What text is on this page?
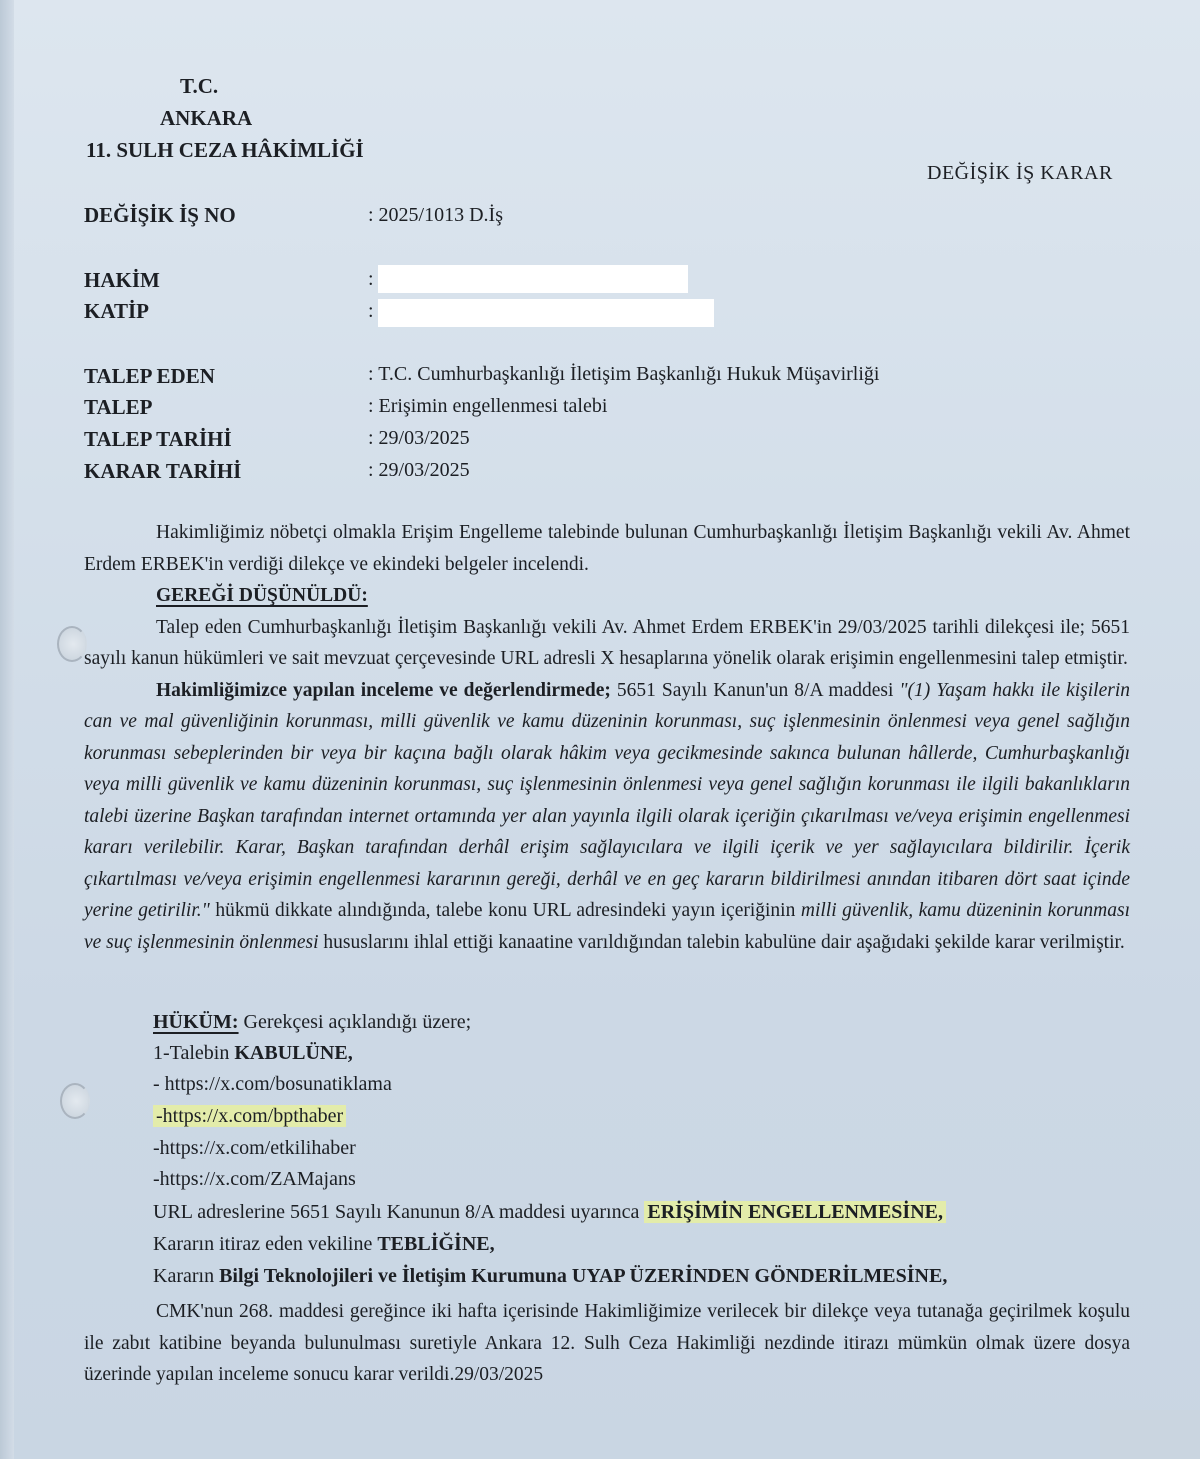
T.C.
ANKARA
11. SULH CEZA HÂKİMLİĞİ
DEĞİŞİK İŞ KARAR
DEĞİŞİK İŞ NO	: 2025/1013 D.İş
HAKİM	:
KATİP	:
TALEP EDEN	: T.C. Cumhurbaşkanlığı İletişim Başkanlığı Hukuk Müşavirliği
TALEP	: Erişimin engellenmesi talebi
TALEP TARİHİ	: 29/03/2025
KARAR TARİHİ	: 29/03/2025

Hakimliğimiz nöbetçi olmakla Erişim Engelleme talebinde bulunan Cumhurbaşkanlığı İletişim Başkanlığı vekili Av. Ahmet Erdem ERBEK'in verdiği dilekçe ve ekindeki belgeler incelendi.

GEREĞİ DÜŞÜNÜLDÜ:

Talep eden Cumhurbaşkanlığı İletişim Başkanlığı vekili Av. Ahmet Erdem ERBEK'in 29/03/2025 tarihli dilekçesi ile; 5651 sayılı kanun hükümleri ve sait mevzuat çerçevesinde URL adresli X hesaplarına yönelik olarak erişimin engellenmesini talep etmiştir.

Hakimliğimizce yapılan inceleme ve değerlendirmede; 5651 Sayılı Kanun'un 8/A maddesi "(1) Yaşam hakkı ile kişilerin can ve mal güvenliğinin korunması, milli güvenlik ve kamu düzeninin korunması, suç işlenmesinin önlenmesi veya genel sağlığın korunması sebeplerinden bir veya bir kaçına bağlı olarak hâkim veya gecikmesinde sakınca bulunan hâllerde, Cumhurbaşkanlığı veya milli güvenlik ve kamu düzeninin korunması, suç işlenmesinin önlenmesi veya genel sağlığın korunması ile ilgili bakanlıkların talebi üzerine Başkan tarafından internet ortamında yer alan yayınla ilgili olarak içeriğin çıkarılması ve/veya erişimin engellenmesi kararı verilebilir. Karar, Başkan tarafından derhâl erişim sağlayıcılara ve ilgili içerik ve yer sağlayıcılara bildirilir. İçerik çıkartılması ve/veya erişimin engellenmesi kararının gereği, derhâl ve en geç kararın bildirilmesi anından itibaren dört saat içinde yerine getirilir." hükmü dikkate alındığında, talebe konu URL adresindeki yayın içeriğinin milli güvenlik, kamu düzeninin korunması ve suç işlenmesinin önlenmesi hususlarını ihlal ettiği kanaatine varıldığından talebin kabulüne dair aşağıdaki şekilde karar verilmiştir.

HÜKÜM: Gerekçesi açıklandığı üzere;
1-Talebin KABULÜNE,
- https://x.com/bosunatiklama
-https://x.com/bpthaber
-https://x.com/etkilihaber
-https://x.com/ZAMajans
URL adreslerine 5651 Sayılı Kanunun 8/A maddesi uyarınca ERİŞİMİN ENGELLENMESİNE,
Kararın itiraz eden vekiline TEBLİĞİNE,
Kararın Bilgi Teknolojileri ve İletişim Kurumuna UYAP ÜZERİNDEN GÖNDERİLMESİNE,

CMK'nun 268. maddesi gereğince iki hafta içerisinde Hakimliğimize verilecek bir dilekçe veya tutanağa geçirilmek koşulu ile zabıt katibine beyanda bulunulması suretiyle Ankara 12. Sulh Ceza Hakimliği nezdinde itirazı mümkün olmak üzere dosya üzerinde yapılan inceleme sonucu karar verildi.29/03/2025
